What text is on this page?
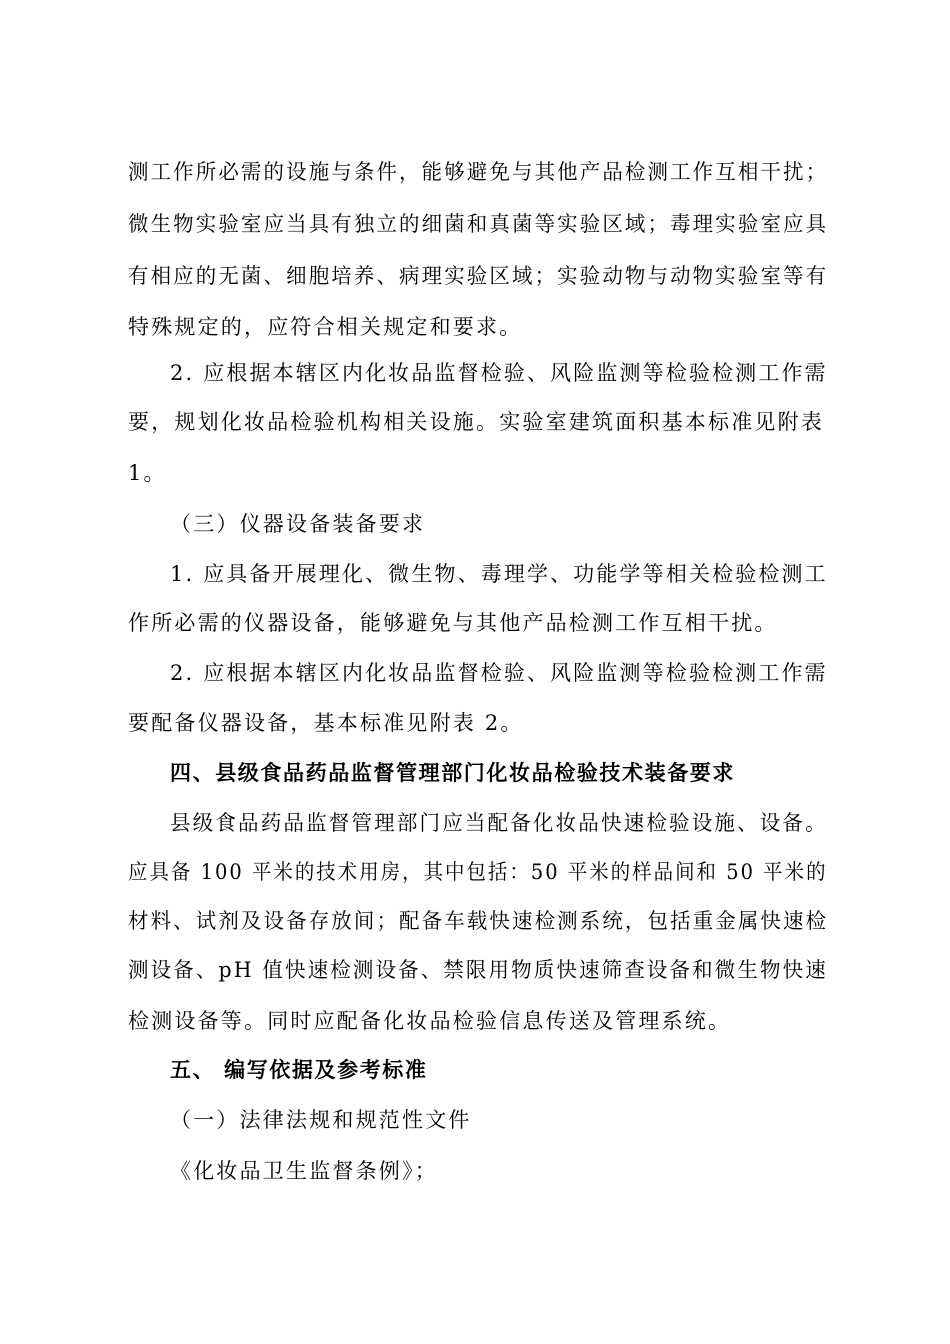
测工作所必需的设施与条件，能够避免与其他产品检测工作互相干扰；
微生物实验室应当具有独立的细菌和真菌等实验区域；毒理实验室应具
有相应的无菌、细胞培养、病理实验区域；实验动物与动物实验室等有
特殊规定的，应符合相关规定和要求。
2. 应根据本辖区内化妆品监督检验、风险监测等检验检测工作需
要，规划化妆品检验机构相关设施。实验室建筑面积基本标准见附表
1。
（三）仪器设备装备要求
1. 应具备开展理化、微生物、毒理学、功能学等相关检验检测工
作所必需的仪器设备，能够避免与其他产品检测工作互相干扰。
2. 应根据本辖区内化妆品监督检验、风险监测等检验检测工作需
要配备仪器设备，基本标准见附表 2。
四、县级食品药品监督管理部门化妆品检验技术装备要求
县级食品药品监督管理部门应当配备化妆品快速检验设施、设备。
应具备 100 平米的技术用房，其中包括：50 平米的样品间和 50 平米的
材料、试剂及设备存放间；配备车载快速检测系统，包括重金属快速检
测设备、pH 值快速检测设备、禁限用物质快速筛查设备和微生物快速
检测设备等。同时应配备化妆品检验信息传送及管理系统。
五、 编写依据及参考标准
（一）法律法规和规范性文件
《化妆品卫生监督条例》；
